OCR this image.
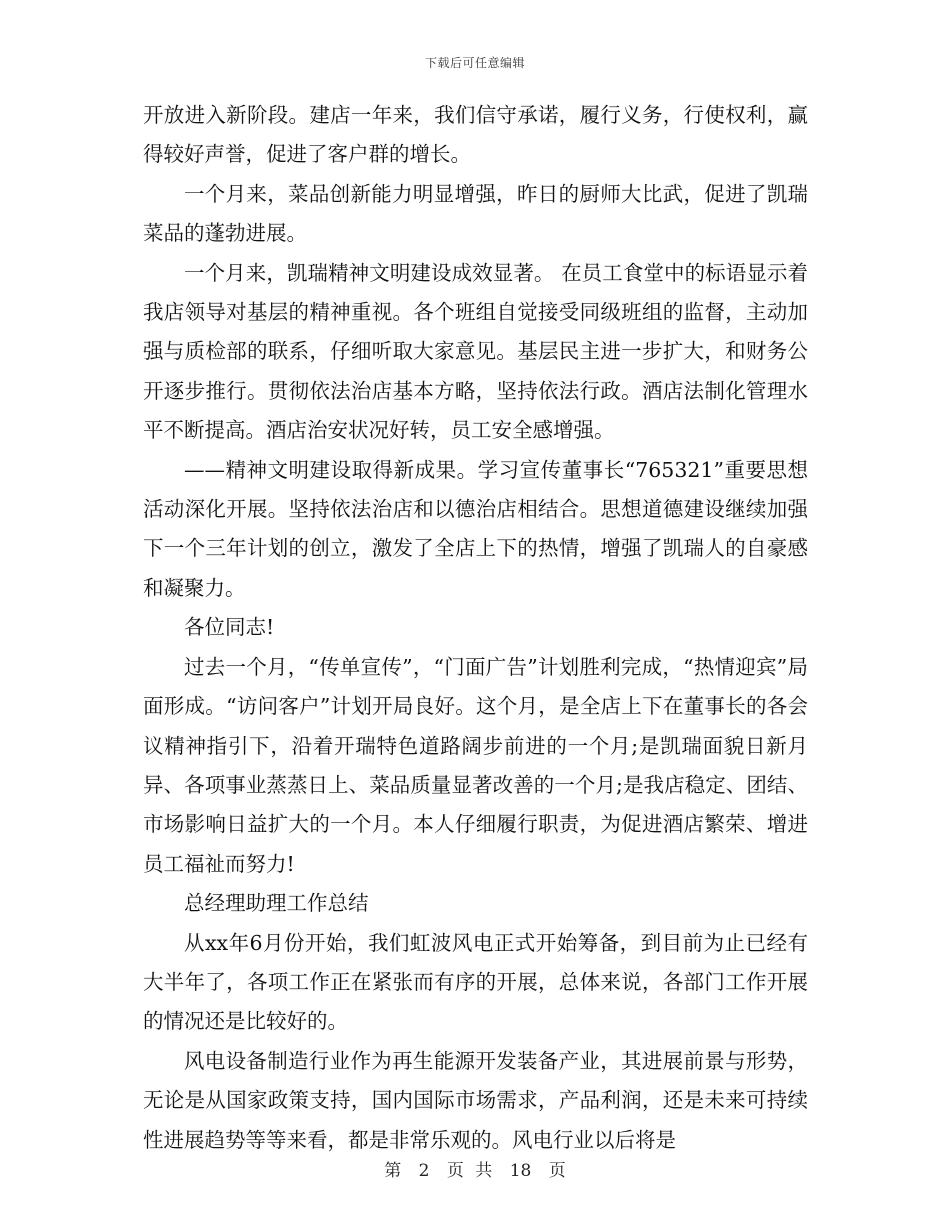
下载后可任意编辑

开放进入新阶段。建店一年来，我们信守承诺，履行义务，行使权利，赢得较好声誉，促进了客户群的增长。

一个月来，菜品创新能力明显增强，昨日的厨师大比武，促进了凯瑞菜品的蓬勃进展。

一个月来，凯瑞精神文明建设成效显著。 在员工食堂中的标语显示着我店领导对基层的精神重视。各个班组自觉接受同级班组的监督，主动加强与质检部的联系，仔细听取大家意见。基层民主进一步扩大，和财务公开逐步推行。贯彻依法治店基本方略，坚持依法行政。酒店法制化管理水平不断提高。酒店治安状况好转，员工安全感增强。

——精神文明建设取得新成果。学习宣传董事长“765321”重要思想活动深化开展。坚持依法治店和以德治店相结合。思想道德建设继续加强下一个三年计划的创立，激发了全店上下的热情，增强了凯瑞人的自豪感和凝聚力。

各位同志!

过去一个月，“传单宣传”，“门面广告”计划胜利完成，“热情迎宾”局面形成。“访问客户”计划开局良好。这个月，是全店上下在董事长的各会议精神指引下，沿着开瑞特色道路阔步前进的一个月;是凯瑞面貌日新月异、各项事业蒸蒸日上、菜品质量显著改善的一个月;是我店稳定、团结、市场影响日益扩大的一个月。本人仔细履行职责，为促进酒店繁荣、增进员工福祉而努力!

总经理助理工作总结

从xx年6月份开始，我们虹波风电正式开始筹备，到目前为止已经有大半年了，各项工作正在紧张而有序的开展，总体来说，各部门工作开展的情况还是比较好的。

风电设备制造行业作为再生能源开发装备产业，其进展前景与形势，无论是从国家政策支持，国内国际市场需求，产品利润，还是未来可持续性进展趋势等等来看，都是非常乐观的。风电行业以后将是

第 2 页 共 18 页
